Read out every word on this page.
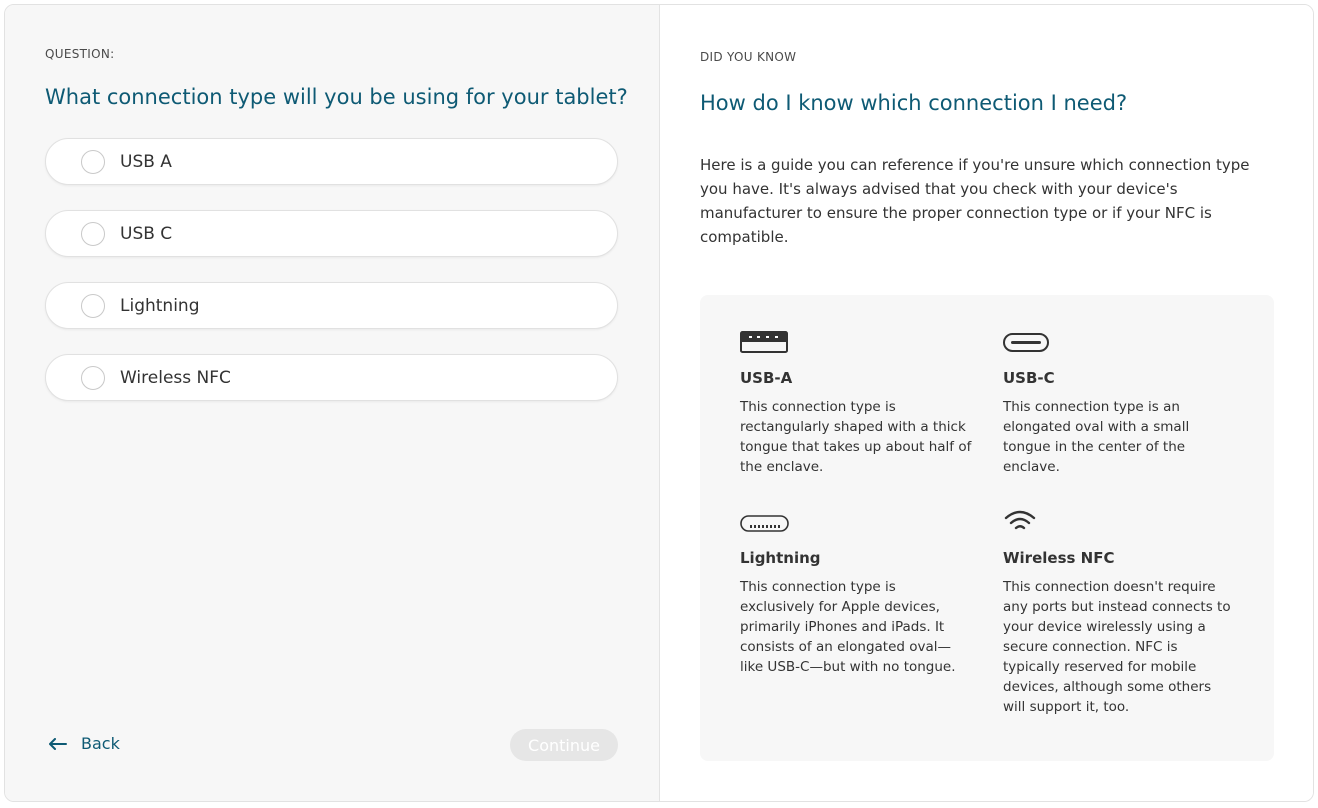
QUESTION:
What connection type will you be using for your tablet?
USB A
USB C
Lightning
Wireless NFC
Back	Continue
DID YOU KNOW
How do I know which connection I need?

Here is a guide you can reference if you're unsure which connection type you have. It's always advised that you check with your device's manufacturer to ensure the proper connection type or if your NFC is compatible.

USB-A

This connection type is rectangularly shaped with a thick tongue that takes up about half of the enclave.

USB-C

This connection type is an elongated oval with a small tongue in the center of the enclave.

Lightning

This connection type is exclusively for Apple devices, primarily iPhones and iPads. It consists of an elongated oval—like USB-C—but with no tongue.

Wireless NFC

This connection doesn't require any ports but instead connects to your device wirelessly using a secure connection. NFC is typically reserved for mobile devices, although some others will support it, too.
